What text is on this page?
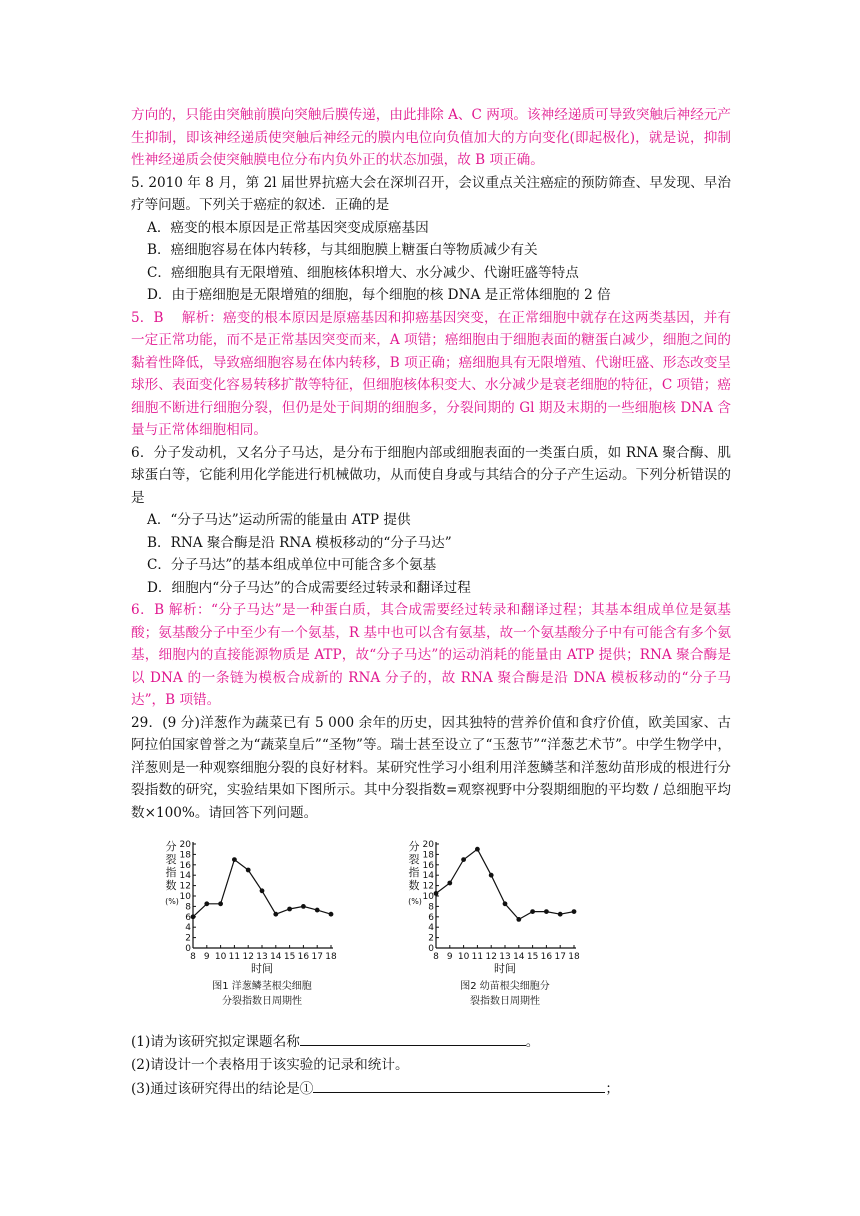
方向的，只能由突触前膜向突触后膜传递，由此排除 A、C 两项。该神经递质可导致突触后神经元产生抑制，即该神经递质使突触后神经元的膜内电位向负值加大的方向变化(即起极化)，就是说，抑制性神经递质会使突触膜电位分布内负外正的状态加强，故 B 项正确。

5. 2010 年 8 月，第 2l 届世界抗癌大会在深圳召开，会议重点关注癌症的预防筛查、早发现、早治疗等问题。下列关于癌症的叙述．正确的是

A．癌变的根本原因是正常基因突变成原癌基因

B．癌细胞容易在体内转移，与其细胞膜上糖蛋白等物质减少有关

C．癌细胞具有无限增殖、细胞核体积增大、水分减少、代谢旺盛等特点

D．由于癌细胞是无限增殖的细胞，每个细胞的核 DNA 是正常体细胞的 2 倍

5．B　 解析：癌变的根本原因是原癌基因和抑癌基因突变，在正常细胞中就存在这两类基因，并有一定正常功能，而不是正常基因突变而来，A 项错；癌细胞由于细胞表面的糖蛋白减少，细胞之间的黏着性降低，导致癌细胞容易在体内转移，B 项正确；癌细胞具有无限增殖、代谢旺盛、形态改变呈球形、表面变化容易转移扩散等特征，但细胞核体积变大、水分减少是衰老细胞的特征，C 项错；癌细胞不断进行细胞分裂，但仍是处于间期的细胞多，分裂间期的 Gl 期及末期的一些细胞核 DNA 含量与正常体细胞相同。

6．分子发动机，又名分子马达，是分布于细胞内部或细胞表面的一类蛋白质，如 RNA 聚合酶、肌球蛋白等，它能利用化学能进行机械做功，从而使自身或与其结合的分子产生运动。下列分析错误的是

A．“分子马达”运动所需的能量由 ATP 提供

B．RNA 聚合酶是沿 RNA 模板移动的“分子马达”

C．分子马达”的基本组成单位中可能含多个氨基

D．细胞内“分子马达”的合成需要经过转录和翻译过程

6．B 解析：“分子马达”是一种蛋白质，其合成需要经过转录和翻译过程；其基本组成单位是氨基酸；氨基酸分子中至少有一个氨基，R 基中也可以含有氨基，故一个氨基酸分子中有可能含有多个氨基，细胞内的直接能源物质是 ATP，故“分子马达”的运动消耗的能量由 ATP 提供；RNA 聚合酶是以 DNA 的一条链为模板合成新的 RNA 分子的，故 RNA 聚合酶是沿 DNA 模板移动的“分子马达”，B 项错。

29．(9 分)洋葱作为蔬菜已有 5 000 余年的历史，因其独特的营养价值和食疗价值，欧美国家、古阿拉伯国家曾誉之为“蔬菜皇后”“圣物”等。瑞士甚至设立了“玉葱节”“洋葱艺术节”。中学生物学中，洋葱则是一种观察细胞分裂的良好材料。某研究性学习小组利用洋葱鳞茎和洋葱幼苗形成的根进行分裂指数的研究，实验结果如下图所示。其中分裂指数=观察视野中分裂期细胞的平均数 / 总细胞平均数×100%。请回答下列问题。

分
裂
指
数
(%)
0
2
4
6
8
10
12
14
16
18
20
8 9 10 11 12 13 14 15 16 17 18
时间
图1 洋葱鳞茎根尖细胞
分裂指数日周期性
分
裂
指
数
(%)
0
2
4
6
8
10
12
14
16
18
20
8 9 10 11 12 13 14 15 16 17 18
时间
图2 幼苗根尖细胞分
裂指数日周期性

(1)请为该研究拟定课题名称	。

(2)请设计一个表格用于该实验的记录和统计。

(3)通过该研究得出的结论是①	；
